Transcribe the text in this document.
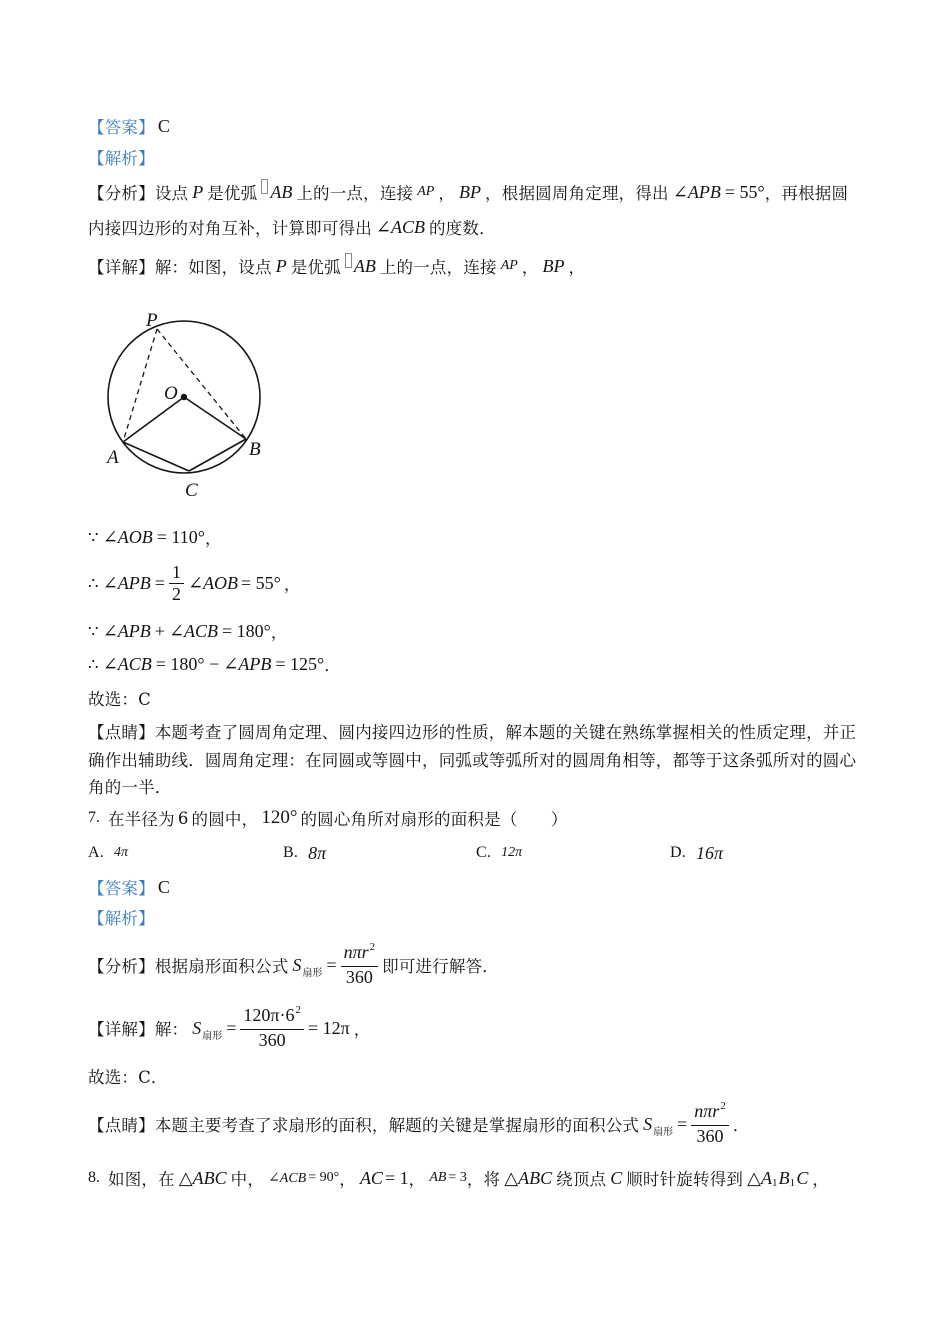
【答案】 C
【解析】
【分析】 设点 P 是优弧 AB 上的一点，连接 AP ， BP ，根据圆周角定理，得出 ∠APB = 55° ，再根据圆
内接四边形的对角互补，计算即可得出 ∠ACB 的度数．
【详解】 解：如图，设点 P 是优弧 AB 上的一点，连接 AP ， BP ，
P
O
A	B
C
∵ ∠AOB = 110° ，
∴ ∠APB = $\frac{1}{2}$ ∠AOB = 55° ，
∵ ∠APB + ∠ACB = 180° ，
∴ ∠ACB = 180° − ∠APB = 125° ．
故选：C
【点睛】 本题考查了圆周角定理、圆内接四边形的性质，解本题的关键在熟练掌握相关的性质定理，并正
确作出辅助线．圆周角定理：在同圆或等圆中，同弧或等弧所对的圆周角相等，都等于这条弧所对的圆心
角的一半．
7. 在半径为 6 的圆中， 120° 的圆心角所对扇形的面积是（　　）
A. 4π	B. 8π	C. 12π	D. 16π
【答案】 C
【解析】
【分析】 根据扇形面积公式 S 扇形 = $\frac{n\pi r^2}{360}$ 即可进行解答．
【详解】 解： S 扇形 = $\frac{120\pi\cdot 6^2}{360} = 12\pi$ ，
故选：C．
【点睛】 本题主要考查了求扇形的面积，解题的关键是掌握扇形的面积公式 S 扇形 = $\frac{n\pi r^2}{360}$ ．
8. 如图，在 △ABC 中， ∠ACB = 90° ， AC = 1 ， AB = 3 ，将 △ABC 绕顶点 C 顺时针旋转得到 △A 1 B 1 C ，
